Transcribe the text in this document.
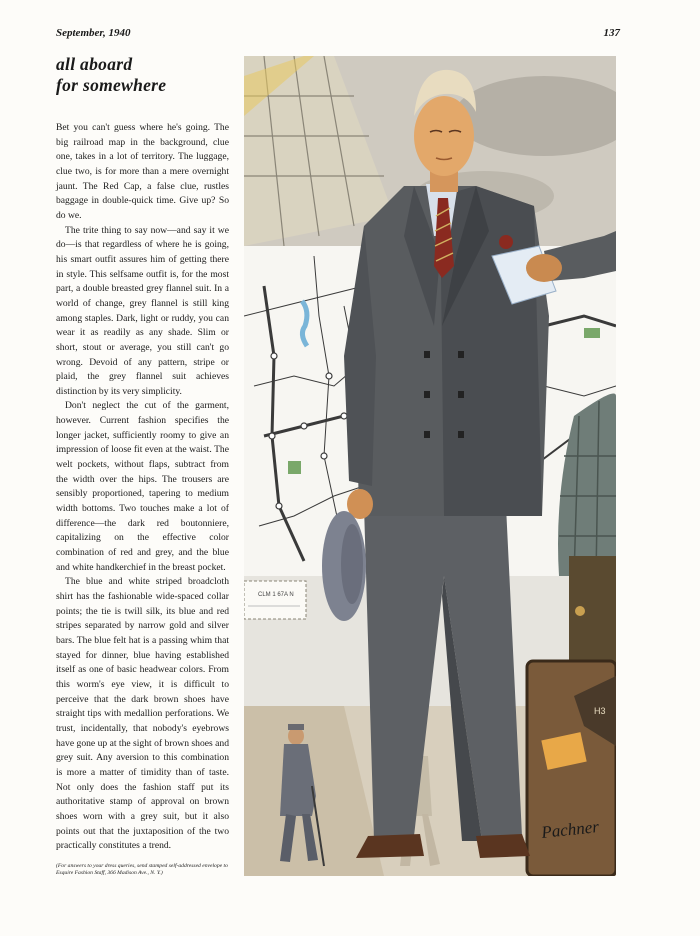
September, 1940	137
all aboard
for somewhere

Bet you can't guess where he's going. The big railroad map in the background, clue one, takes in a lot of territory. The luggage, clue two, is for more than a mere overnight jaunt. The Red Cap, a false clue, rustles baggage in double-quick time. Give up? So do we.

The trite thing to say now—and say it we do—is that regardless of where he is going, his smart outfit assures him of getting there in style. This selfsame outfit is, for the most part, a double breasted grey flannel suit. In a world of change, grey flannel is still king among staples. Dark, light or ruddy, you can wear it as readily as any shade. Slim or short, stout or average, you still can't go wrong. Devoid of any pattern, stripe or plaid, the grey flannel suit achieves distinction by its very simplicity.

Don't neglect the cut of the garment, however. Current fashion specifies the longer jacket, sufficiently roomy to give an impression of loose fit even at the waist. The welt pockets, without flaps, subtract from the width over the hips. The trousers are sensibly proportioned, tapering to medium width bottoms. Two touches make a lot of difference—the dark red boutonniere, capitalizing on the effective color combination of red and grey, and the blue and white handkerchief in the breast pocket.

The blue and white striped broadcloth shirt has the fashionable wide-spaced collar points; the tie is twill silk, its blue and red stripes separated by narrow gold and silver bars. The blue felt hat is a passing whim that stayed for dinner, blue having established itself as one of basic headwear colors. From this worm's eye view, it is difficult to perceive that the dark brown shoes have straight tips with medallion perforations. We trust, incidentally, that nobody's eyebrows have gone up at the sight of brown shoes and grey suit. Any aversion to this combination is more a matter of timidity than of taste. Not only does the fashion staff put its authoritative stamp of approval on brown shoes worn with a grey suit, but it also points out that the juxtaposition of the two practically constitutes a trend.

(For answers to your dress queries, send stamped self-addressed envelope to Esquire Fashion Staff, 366 Madison Ave., N. Y.)
CLM 1 67A N
H3
Pachner
